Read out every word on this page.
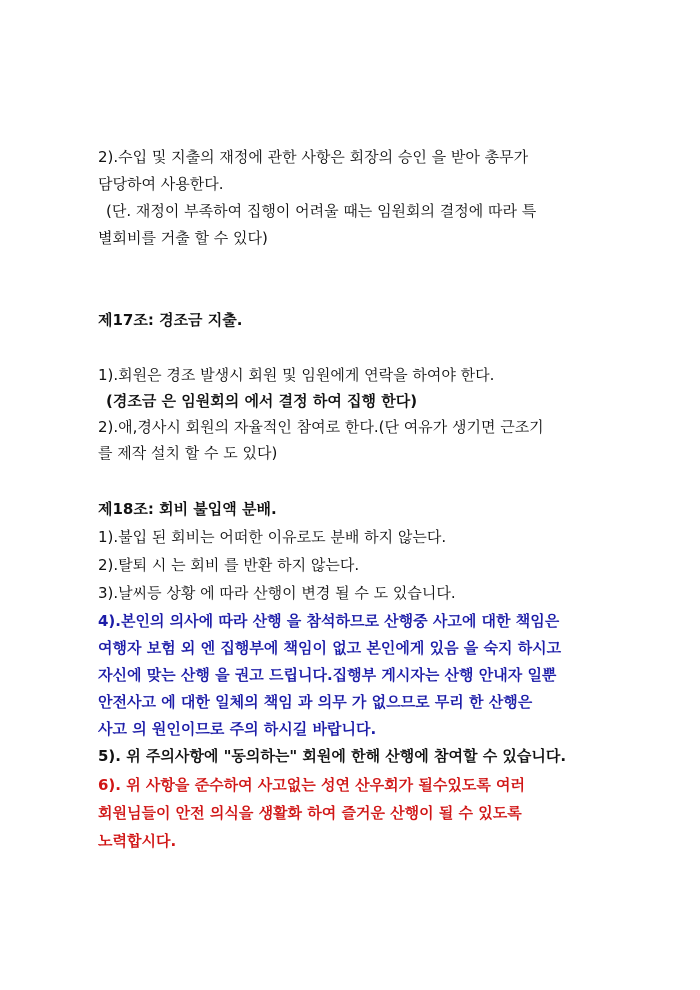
2).수입 및 지출의 재정에 관한 사항은 회장의 승인 을 받아 총무가

담당하여 사용한다.

(단. 재정이 부족하여 집행이 어려울 때는 임원회의 결정에 따라 특

별회비를 거출 할 수 있다)

제17조: 경조금 지출.

1).회원은 경조 발생시 회원 및 임원에게 연락을 하여야 한다.

(경조금 은 임원회의 에서 결정 하여 집행 한다)

2).애,경사시 회원의 자율적인 참여로 한다.(단 여유가 생기면 근조기

를 제작 설치 할 수 도 있다)

제18조: 회비 불입액 분배.

1).불입 된 회비는 어떠한 이유로도 분배 하지 않는다.

2).탈퇴 시 는 회비 를 반환 하지 않는다.

3).날씨등 상황 에 따라 산행이 변경 될 수 도 있습니다.

4).본인의 의사에 따라 산행 을 참석하므로 산행중 사고에 대한 책임은

여행자 보험 외 엔 집행부에 책임이 없고 본인에게 있음 을 숙지 하시고

자신에 맞는 산행 을 권고 드립니다.집행부 게시자는 산행 안내자 일뿐

안전사고 에 대한 일체의 책임 과 의무 가 없으므로 무리 한 산행은

사고 의 원인이므로 주의 하시길 바랍니다.

5). 위 주의사항에 "동의하는" 회원에 한해 산행에 참여할 수 있습니다.

6). 위 사항을 준수하여 사고없는 성연 산우회가 될수있도록 여러

회원님들이 안전 의식을 생활화 하여 즐거운 산행이 될 수 있도록

노력합시다.
